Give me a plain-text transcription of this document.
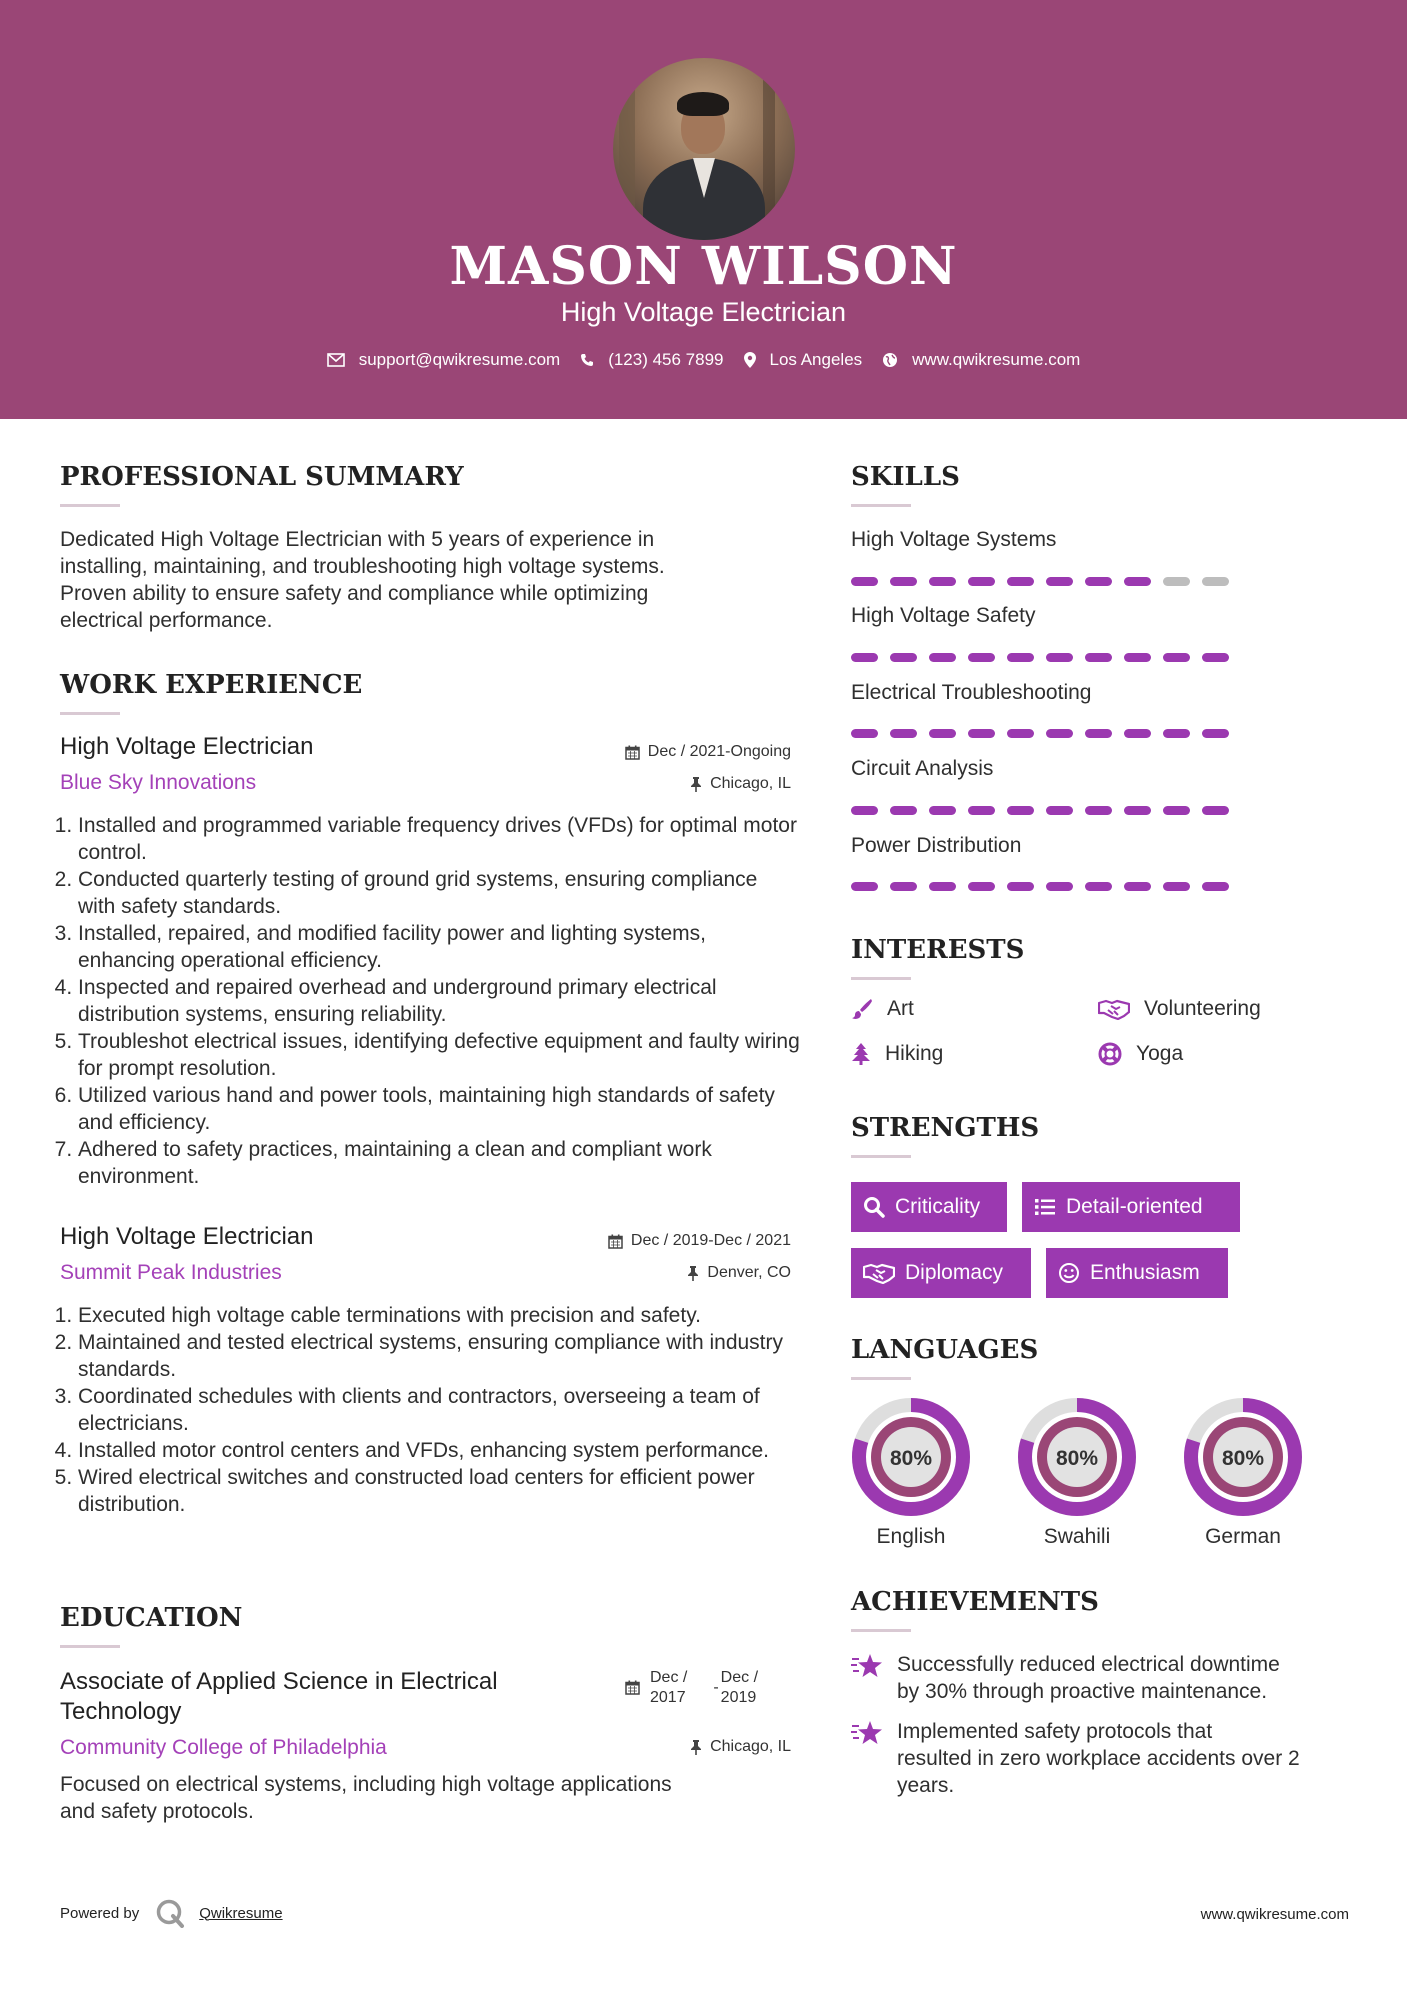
MASON WILSON
High Voltage Electrician
support@qwikresume.com	(123) 456 7899	Los Angeles	www.qwikresume.com
PROFESSIONAL SUMMARY
Dedicated High Voltage Electrician with 5 years of experience in
installing, maintaining, and troubleshooting high voltage systems.
Proven ability to ensure safety and compliance while optimizing
electrical performance.
WORK EXPERIENCE
High Voltage Electrician	Dec / 2021-Ongoing
Blue Sky Innovations	Chicago, IL
1. Installed and programmed variable frequency drives (VFDs) for optimal motor control.
2. Conducted quarterly testing of ground grid systems, ensuring compliance with safety standards.
3. Installed, repaired, and modified facility power and lighting systems, enhancing operational efficiency.
4. Inspected and repaired overhead and underground primary electrical distribution systems, ensuring reliability.
5. Troubleshot electrical issues, identifying defective equipment and faulty wiring for prompt resolution.
6. Utilized various hand and power tools, maintaining high standards of safety and efficiency.
7. Adhered to safety practices, maintaining a clean and compliant work environment.
High Voltage Electrician	Dec / 2019-Dec / 2021
Summit Peak Industries	Denver, CO
1. Executed high voltage cable terminations with precision and safety.
2. Maintained and tested electrical systems, ensuring compliance with industry standards.
3. Coordinated schedules with clients and contractors, overseeing a team of electricians.
4. Installed motor control centers and VFDs, enhancing system performance.
5. Wired electrical switches and constructed load centers for efficient power distribution.
EDUCATION
Associate of Applied Science in Electrical
Technology
Dec /
2017
-
Dec /
2019
Community College of Philadelphia	Chicago, IL
Focused on electrical systems, including high voltage applications
and safety protocols.
SKILLS
High Voltage Systems
High Voltage Safety
Electrical Troubleshooting
Circuit Analysis
Power Distribution
INTERESTS
Art	Volunteering
Hiking	Yoga
STRENGTHS
Criticality	Detail-oriented
Diplomacy	Enthusiasm
LANGUAGES
80%
English
80%
Swahili
80%
German
ACHIEVEMENTS
Successfully reduced electrical downtime
by 30% through proactive maintenance.
Implemented safety protocols that
resulted in zero workplace accidents over 2
years.
Powered by	Qwikresume	www.qwikresume.com
